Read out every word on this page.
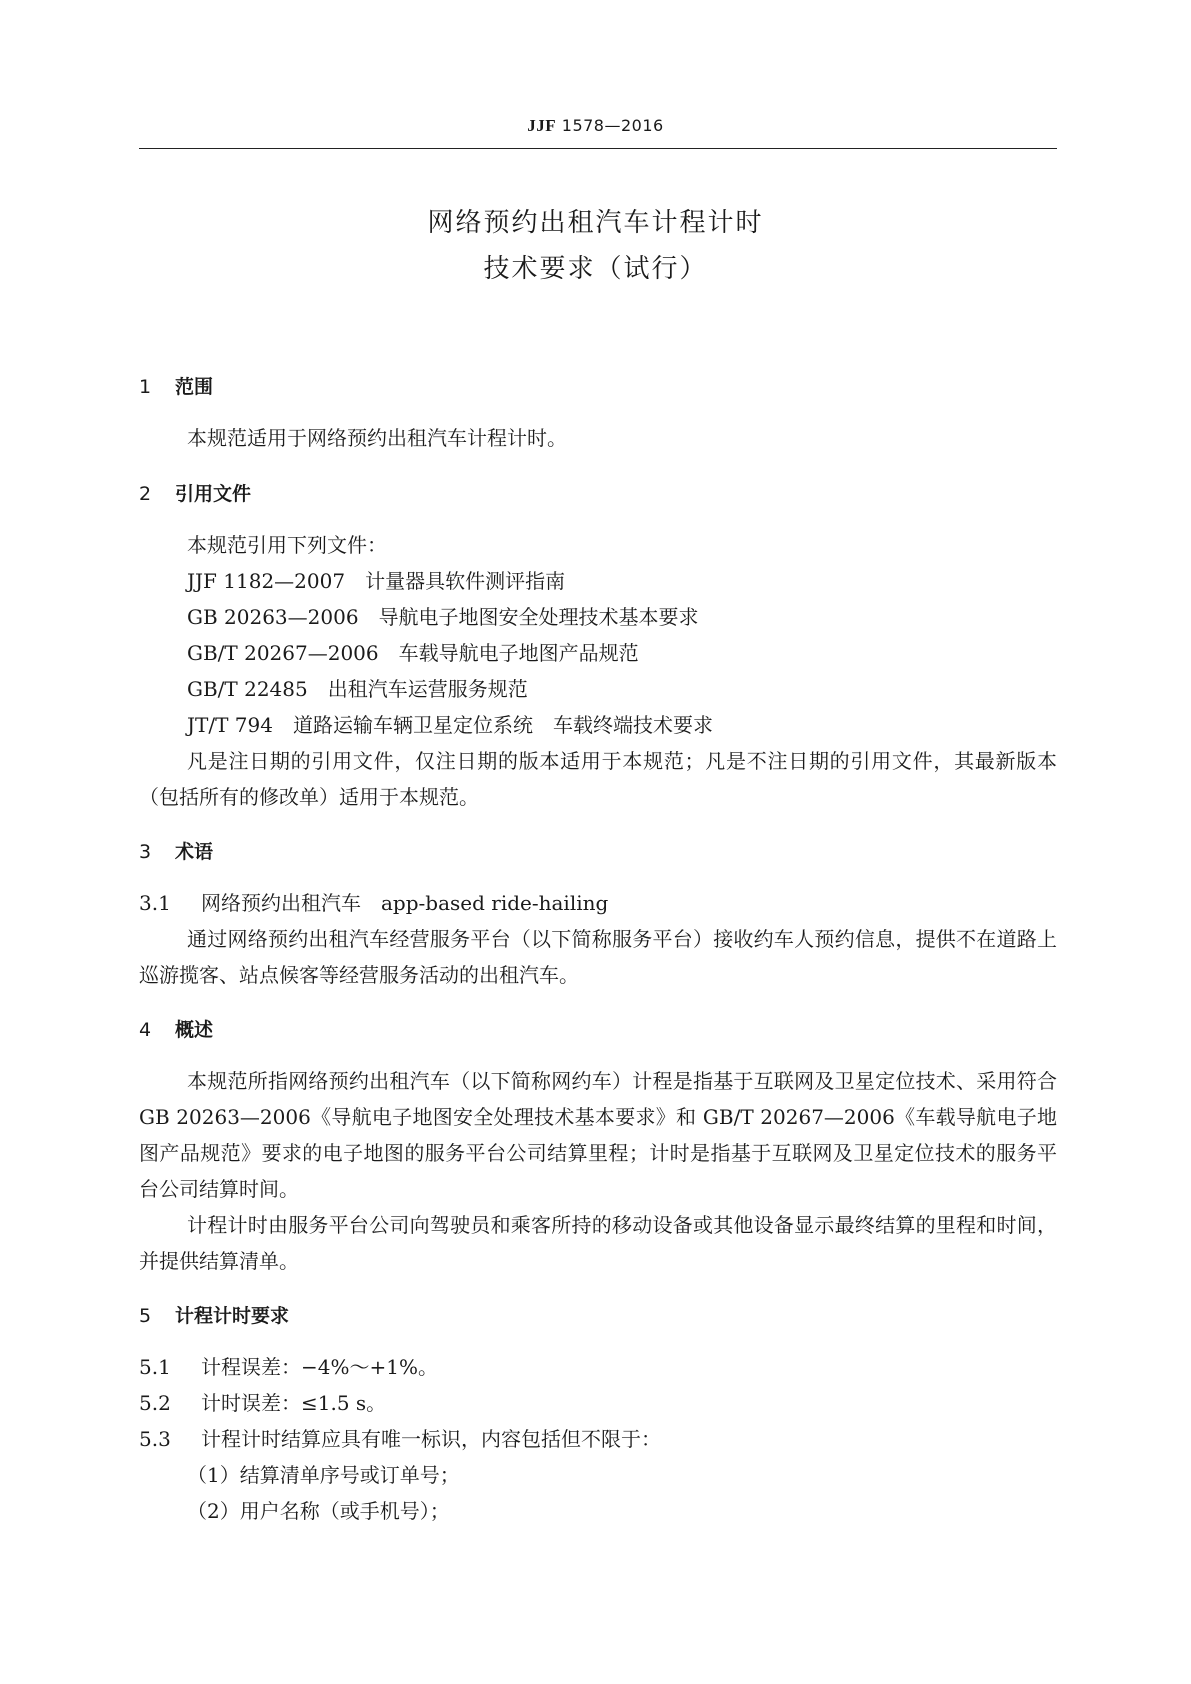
JJF 1578—2016
网络预约出租汽车计程计时
技术要求（试行）
1 范围
本规范适用于网络预约出租汽车计程计时。
2 引用文件
本规范引用下列文件：
JJF 1182—2007 计量器具软件测评指南
GB 20263—2006 导航电子地图安全处理技术基本要求
GB/T 20267—2006 车载导航电子地图产品规范
GB/T 22485 出租汽车运营服务规范
JT/T 794 道路运输车辆卫星定位系统　车载终端技术要求
凡是注日期的引用文件，仅注日期的版本适用于本规范；凡是不注日期的引用文件，其最新版本（包括所有的修改单）适用于本规范。
3 术语
3.1 网络预约出租汽车 app-based ride-hailing
通过网络预约出租汽车经营服务平台（以下简称服务平台）接收约车人预约信息，提供不在道路上巡游揽客、站点候客等经营服务活动的出租汽车。
4 概述
本规范所指网络预约出租汽车（以下简称网约车）计程是指基于互联网及卫星定位技术、采用符合 GB 20263—2006《导航电子地图安全处理技术基本要求》和 GB/T 20267—2006《车载导航电子地图产品规范》要求的电子地图的服务平台公司结算里程；计时是指基于互联网及卫星定位技术的服务平台公司结算时间。
计程计时由服务平台公司向驾驶员和乘客所持的移动设备或其他设备显示最终结算的里程和时间，并提供结算清单。
5 计程计时要求
5.1 计程误差：−4%～+1%。
5.2 计时误差：≤1.5 s。
5.3 计程计时结算应具有唯一标识，内容包括但不限于：
（1）结算清单序号或订单号；
（2）用户名称（或手机号）；
